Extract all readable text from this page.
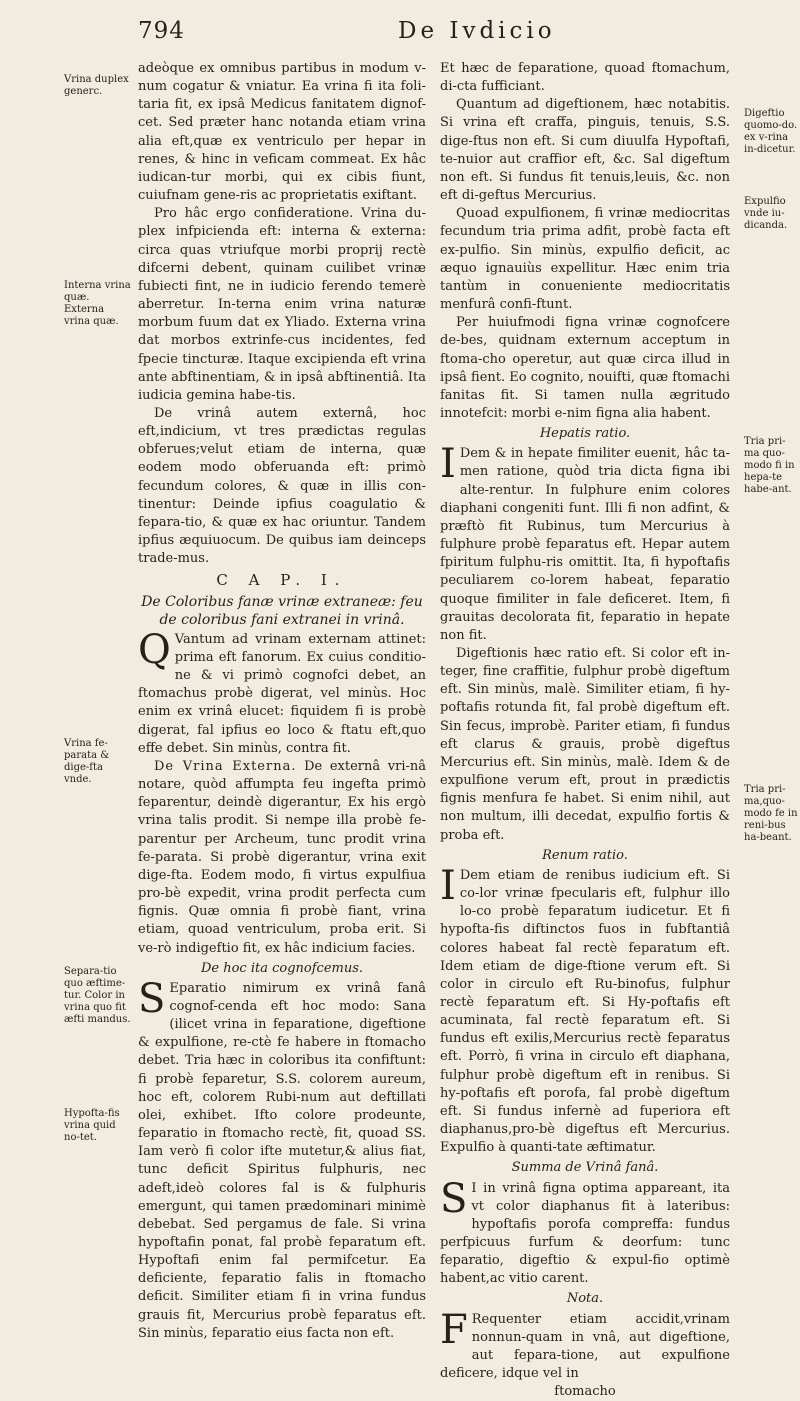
794	De Ivdicio
Vrina duplex generc.
Interna vrina quæ. Externa vrina quæ.
Vrina fe-parata & dige-fta vnde.
Separa-tio quo æftime-tur. Color in vrina quo fit æfti mandus.
Hypofta-fis vrina quid no-tet.
Digeftio quomo-do. ex v-rina in-dicetur.
Expulfio vnde iu-dicanda.
Tria pri-ma quo-modo fi in hepa-te habe-ant.
Tria pri-ma,quo-modo fe in reni-bus ha-beant.

adeòque ex omnibus partibus in modum v-num cogatur & vniatur. Ea vrina fi ita foli-taria fit, ex ipsâ Medicus fanitatem dignof-cet. Sed præter hanc notanda etiam vrina alia eft,quæ ex ventriculo per hepar in renes, & hinc in veficam commeat. Ex hâc iudican-tur morbi, qui ex cibis fiunt, cuiufnam gene-ris ac proprietatis exiftant.

Pro hâc ergo confideratione. Vrina du-plex infpicienda eft: interna & externa: circa quas vtriufque morbi proprij rectè difcerni debent, quinam cuilibet vrinæ fubiecti fint, ne in iudicio ferendo temerè aberretur. In-terna enim vrina naturæ morbum fuum dat ex Yliado. Externa vrina dat morbos extrinfe-cus incidentes, fed fpecie tincturæ. Itaque excipienda eft vrina ante abftinentiam, & in ipsâ abftinentiâ. Ita iudicia gemina habe-tis.

De vrinâ autem externâ, hoc eft,indicium, vt tres prædictas regulas obferues;velut etiam de interna, quæ eodem modo obferuanda eft: primò fecundum colores, & quæ in illis con-tinentur: Deinde ipfius coagulatio & fepara-tio, & quæ ex hac oriuntur. Tandem ipfius æquiuocum. De quibus iam deinceps trade-mus.

C A P. I.
De Coloribus fanæ vrinæ extraneæ: feu de coloribus fani extranei in vrinâ.

Q Vantum ad vrinam externam attinet: prima eft fanorum. Ex cuius conditio-ne & vi primò cognofci debet, an ftomachus probè digerat, vel minùs. Hoc enim ex vrinâ elucet: fiquidem fi is probè digerat, fal ipfius eo loco & ftatu eft,quo effe debet. Sin minùs, contra fit.

De Vrina Externa. De externâ vri-nâ notare, quòd affumpta feu ingefta primò feparentur, deindè digerantur, Ex his ergò vrina talis prodit. Si nempe illa probè fe-parentur per Archeum, tunc prodit vrina fe-parata. Si probè digerantur, vrina exit dige-fta. Eodem modo, fi virtus expulfiua pro-bè expedit, vrina prodit perfecta cum fignis. Quæ omnia fi probè fiant, vrina etiam, quoad ventriculum, proba erit. Si ve-rò indigeftio fit, ex hâc indicium facies.

De hoc ita cognofcemus.

S Eparatio nimirum ex vrinâ fanâ cognof-cenda eft hoc modo: Sana (ilicet vrina in feparatione, digeftione & expulfione, re-ctè fe habere in ftomacho debet. Tria hæc in coloribus ita confiftunt: fi probè feparetur, S.S. colorem aureum, hoc eft, colorem Rubi-num aut deftillati olei, exhibet. Ifto colore prodeunte, feparatio in ftomacho rectè, fit, quoad SS. Iam verò fi color ifte mutetur,& alius fiat, tunc deficit Spiritus fulphuris, nec adeft,ideò colores fal is & fulphuris emergunt, qui tamen prædominari minimè debebat. Sed pergamus de fale. Si vrina hypoftafin ponat, fal probè feparatum eft. Hypoftafi enim fal permifcetur. Ea deficiente, feparatio falis in ftomacho deficit. Similiter etiam fi in vrina fundus grauis fit, Mercurius probè feparatus eft. Sin minùs, feparatio eius facta non eft.

Et hæc de feparatione, quoad ftomachum, di-cta fufficiant.

Quantum ad digeftionem, hæc notabitis. Si vrina eft craffa, pinguis, tenuis, S.S. dige-ftus non eft. Si cum diuulfa Hypoftafi, te-nuior aut craffior eft, &c. Sal digeftum non eft. Si fundus fit tenuis,leuis, &c. non eft di-geftus Mercurius.

Quoad expulfionem, fi vrinæ mediocritas fecundum tria prima adfit, probè facta eft ex-pulfio. Sin minùs, expulfio deficit, ac æquo ignauiùs expellitur. Hæc enim tria tantùm in conueniente mediocritatis menfurâ confi-ftunt.

Per huiufmodi figna vrinæ cognofcere de-bes, quidnam externum acceptum in ftoma-cho operetur, aut quæ circa illud in ipsâ fient. Eo cognito, nouifti, quæ ftomachi fanitas fit. Si tamen nulla ægritudo innotefcit: morbi e-nim figna alia habent.

Hepatis ratio.

I Dem & in hepate fimiliter euenit, hâc ta-men ratione, quòd tria dicta figna ibi alte-rentur. In fulphure enim colores diaphani congeniti funt. Illi fi non adfint, & præftò fit Rubinus, tum Mercurius à fulphure probè feparatus eft. Hepar autem fpiritum fulphu-ris omittit. Ita, fi hypoftafis peculiarem co-lorem habeat, feparatio quoque fimiliter in fale deficeret. Item, fi grauitas decolorata fit, feparatio in hepate non fit.

Digeftionis hæc ratio eft. Si color eft in-teger, fine craffitie, fulphur probè digeftum eft. Sin minùs, malè. Similiter etiam, fi hy-poftafis rotunda fit, fal probè digeftum eft. Sin fecus, improbè. Pariter etiam, fi fundus eft clarus & grauis, probè digeftus Mercurius eft. Sin minùs, malè. Idem & de expulfione verum eft, prout in prædictis fignis menfura fe habet. Si enim nihil, aut non multum, illi decedat, expulfio fortis & proba eft.

Renum ratio.

I Dem etiam de renibus iudicium eft. Si co-lor vrinæ fpecularis eft, fulphur illo lo-co probè feparatum iudicetur. Et fi hypofta-fis diftinctos fuos in fubftantiâ colores habeat fal rectè feparatum eft. Idem etiam de dige-ftione verum eft. Si color in circulo eft Ru-binofus, fulphur rectè feparatum eft. Si Hy-poftafis eft acuminata, fal rectè feparatum eft. Si fundus eft exilis,Mercurius rectè feparatus eft. Porrò, fi vrina in circulo eft diaphana, fulphur probè digeftum eft in renibus. Si hy-poftafis eft porofa, fal probè digeftum eft. Si fundus infernè ad fuperiora eft diaphanus,pro-bè digeftus eft Mercurius. Expulfio à quanti-tate æftimatur.

Summa de Vrinâ fanâ.

S I in vrinâ figna optima appareant, ita vt color diaphanus fit à lateribus: hypoftafis porofa compreffa: fundus perfpicuus furfum & deorfum: tunc feparatio, digeftio & expul-fio optimè habent,ac vitio carent.

Nota.

F Requenter etiam accidit,vrinam nonnun-quam in vnâ, aut digeftione, aut fepara-tione, aut expulfione deficere, idque vel in

ftomacho
